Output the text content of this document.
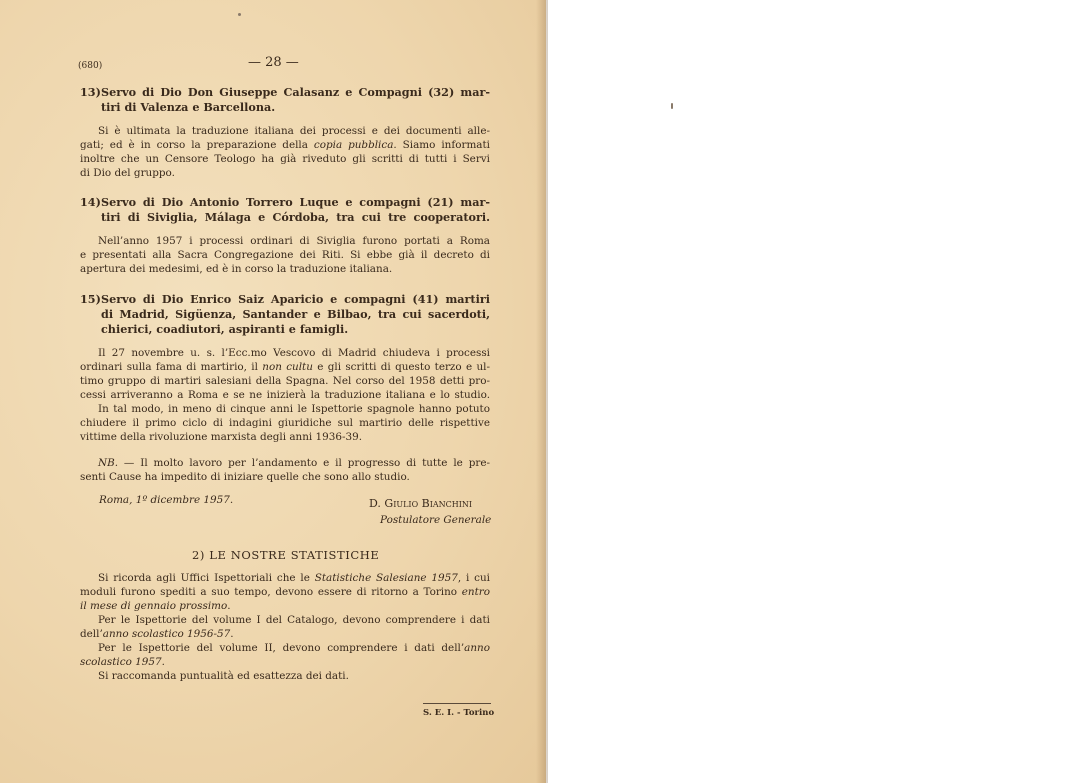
(680)	— 28 —
13) Servo di Dio Don Giuseppe Calasanz e Compagni (32) mar-
tiri di Valenza e Barcellona.
Si è ultimata la traduzione italiana dei processi e dei documenti alle-
gati; ed è in corso la preparazione della copia pubblica. Siamo informati
inoltre che un Censore Teologo ha già riveduto gli scritti di tutti i Servi
di Dio del gruppo.
14) Servo di Dio Antonio Torrero Luque e compagni (21) mar-
tiri di Siviglia, Málaga e Córdoba, tra cui tre cooperatori.
Nell’anno 1957 i processi ordinari di Siviglia furono portati a Roma
e presentati alla Sacra Congregazione dei Riti. Si ebbe già il decreto di
apertura dei medesimi, ed è in corso la traduzione italiana.
15) Servo di Dio Enrico Saiz Aparicio e compagni (41) martiri
di Madrid, Sigüenza, Santander e Bilbao, tra cui sacerdoti,
chierici, coadiutori, aspiranti e famigli.
Il 27 novembre u. s. l’Ecc.mo Vescovo di Madrid chiudeva i processi
ordinari sulla fama di martirio, il non cultu e gli scritti di questo terzo e ul-
timo gruppo di martiri salesiani della Spagna. Nel corso del 1958 detti pro-
cessi arriveranno a Roma e se ne inizierà la traduzione italiana e lo studio.
In tal modo, in meno di cinque anni le Ispettorie spagnole hanno potuto
chiudere il primo ciclo di indagini giuridiche sul martirio delle rispettive
vittime della rivoluzione marxista degli anni 1936-39.
NB. — Il molto lavoro per l’andamento e il progresso di tutte le pre-
senti Cause ha impedito di iniziare quelle che sono allo studio.
Roma, 1º dicembre 1957.	D. Giulio Bianchini
Postulatore Generale
2) LE NOSTRE STATISTICHE
Si ricorda agli Uffici Ispettoriali che le Statistiche Salesiane 1957, i cui
moduli furono spediti a suo tempo, devono essere di ritorno a Torino entro
il mese di gennaio prossimo.
Per le Ispettorie del volume I del Catalogo, devono comprendere i dati
dell’anno scolastico 1956-57.
Per le Ispettorie del volume II, devono comprendere i dati dell’anno
scolastico 1957.
Si raccomanda puntualità ed esattezza dei dati.
S. E. I. - Torino
